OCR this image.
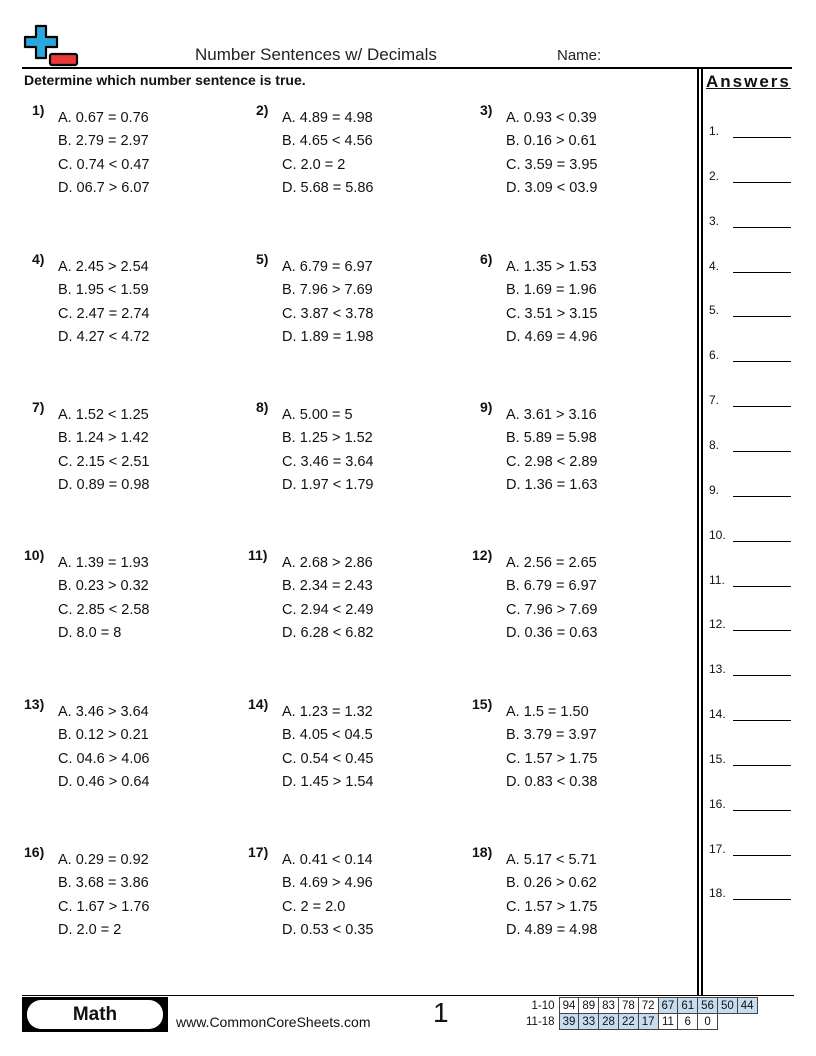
Number Sentences w/ Decimals	Name:
Determine which number sentence is true.	Answers
1.
2.
3.
4.
5.
6.
7.
8.
9.
10.
11.
12.
13.
14.
15.
16.
17.
18.
1) A. 0.67 = 0.76
B. 2.79 = 2.97
C. 0.74 < 0.47
D. 06.7 > 6.07
2) A. 4.89 = 4.98
B. 4.65 < 4.56
C. 2.0 = 2
D. 5.68 = 5.86
3) A. 0.93 < 0.39
B. 0.16 > 0.61
C. 3.59 = 3.95
D. 3.09 < 03.9
4) A. 2.45 > 2.54
B. 1.95 < 1.59
C. 2.47 = 2.74
D. 4.27 < 4.72
5) A. 6.79 = 6.97
B. 7.96 > 7.69
C. 3.87 < 3.78
D. 1.89 = 1.98
6) A. 1.35 > 1.53
B. 1.69 = 1.96
C. 3.51 > 3.15
D. 4.69 = 4.96
7) A. 1.52 < 1.25
B. 1.24 > 1.42
C. 2.15 < 2.51
D. 0.89 = 0.98
8) A. 5.00 = 5
B. 1.25 > 1.52
C. 3.46 = 3.64
D. 1.97 < 1.79
9) A. 3.61 > 3.16
B. 5.89 = 5.98
C. 2.98 < 2.89
D. 1.36 = 1.63
10) A. 1.39 = 1.93
B. 0.23 > 0.32
C. 2.85 < 2.58
D. 8.0 = 8
11) A. 2.68 > 2.86
B. 2.34 = 2.43
C. 2.94 < 2.49
D. 6.28 < 6.82
12) A. 2.56 = 2.65
B. 6.79 = 6.97
C. 7.96 > 7.69
D. 0.36 = 0.63
13) A. 3.46 > 3.64
B. 0.12 > 0.21
C. 04.6 > 4.06
D. 0.46 > 0.64
14) A. 1.23 = 1.32
B. 4.05 < 04.5
C. 0.54 < 0.45
D. 1.45 > 1.54
15) A. 1.5 = 1.50
B. 3.79 = 3.97
C. 1.57 > 1.75
D. 0.83 < 0.38
16) A. 0.29 = 0.92
B. 3.68 = 3.86
C. 1.67 > 1.76
D. 2.0 = 2
17) A. 0.41 < 0.14
B. 4.69 > 4.96
C. 2 = 2.0
D. 0.53 < 0.35
18) A. 5.17 < 5.71
B. 0.26 > 0.62
C. 1.57 > 1.75
D. 4.89 = 4.98
Math	www.CommonCoreSheets.com 1	1-10	94	89	83	78	72	67	61	56	50	44
11-18	39	33	28	22	17	11	6	0		
